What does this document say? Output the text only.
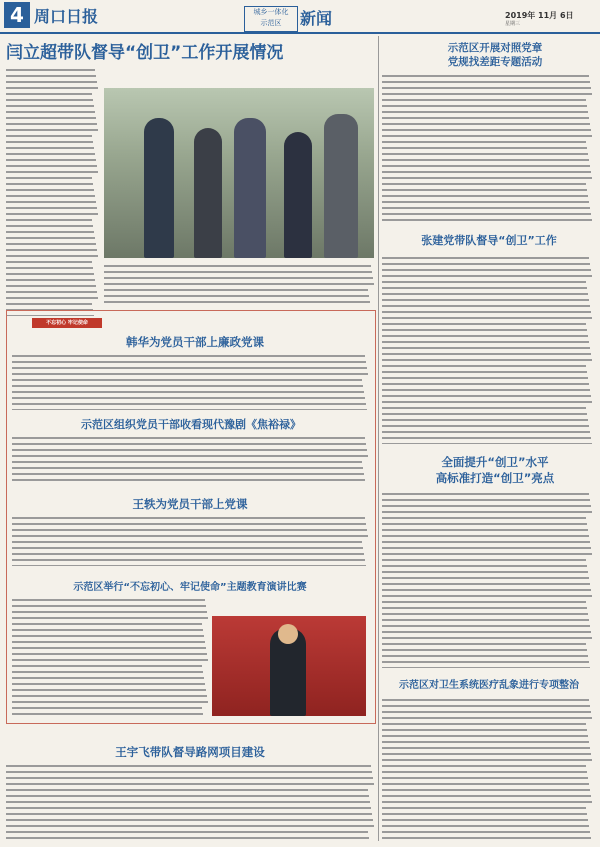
4 周口日报	城乡一体化
示范区	新闻	2019年 11月 6日
星期三
闫立超带队督导“创卫”工作开展情况	示范区开展对照党章
党规找差距专题活动
张建党带队督导“创卫”工作
全面提升“创卫”水平
高标准打造“创卫”亮点
示范区对卫生系统医疗乱象进行专项整治
不忘初心 牢记使命
韩华为党员干部上廉政党课
示范区组织党员干部收看现代豫剧《焦裕禄》
王轶为党员干部上党课
示范区举行“不忘初心、牢记使命”主题教育演讲比赛
王宇飞带队督导路网项目建设
